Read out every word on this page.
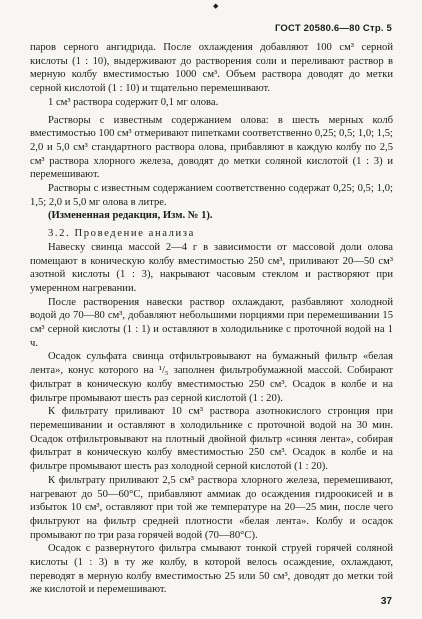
◆
ГОСТ 20580.6—80 Стр. 5

паров серного ангидрида. После охлаждения добавляют 100 см³ серной кислоты (1 : 10), выдерживают до растворения соли и переливают раствор в мерную колбу вместимостью 1000 см³. Объем раствора доводят до метки серной кислотой (1 : 10) и тщательно перемешивают.

1 см³ раствора содержит 0,1 мг олова.

Растворы с известным содержанием олова: в шесть мерных колб вместимостью 100 см³ отмеривают пипетками соответственно 0,25; 0,5; 1,0; 1,5; 2,0 и 5,0 см³ стандартного раствора олова, прибавляют в каждую колбу по 2,5 см³ раствора хлорного железа, доводят до метки соляной кислотой (1 : 3) и перемешивают.

Растворы с известным содержанием соответственно содержат 0,25; 0,5; 1,0; 1,5; 2,0 и 5,0 мг олова в литре.

(Измененная редакция, Изм. № 1).

3.2. Проведение анализа

Навеску свинца массой 2—4 г в зависимости от массовой доли олова помещают в коническую колбу вместимостью 250 см³, приливают 20—50 см³ азотной кислоты (1 : 3), накрывают часовым стеклом и растворяют при умеренном нагревании.

После растворения навески раствор охлаждают, разбавляют холодной водой до 70—80 см³, добавляют небольшими порциями при перемешивании 15 см³ серной кислоты (1 : 1) и оставляют в холодильнике с проточной водой на 1 ч.

Осадок сульфата свинца отфильтровывают на бумажный фильтр «белая лента», конус которого на ¹/₅ заполнен фильтробумажной массой. Собирают фильтрат в коническую колбу вместимостью 250 см³. Осадок в колбе и на фильтре промывают шесть раз серной кислотой (1 : 20).

К фильтрату приливают 10 см³ раствора азотнокислого стронция при перемешивании и оставляют в холодильнике с проточной водой на 30 мин. Осадок отфильтровывают на плотный двойной фильтр «синяя лента», собирая фильтрат в коническую колбу вместимостью 250 см³. Осадок в колбе и на фильтре промывают шесть раз холодной серной кислотой (1 : 20).

К фильтрату приливают 2,5 см³ раствора хлорного железа, перемешивают, нагревают до 50—60°С, прибавляют аммиак до осаждения гидроокисей и в избыток 10 см³, оставляют при той же температуре на 20—25 мин, после чего фильтруют на фильтр средней плотности «белая лента». Колбу и осадок промывают по три раза горячей водой (70—80°С).

Осадок с развернутого фильтра смывают тонкой струей горячей соляной кислоты (1 : 3) в ту же колбу, в которой велось осаждение, охлаждают, переводят в мерную колбу вместимостью 25 или 50 см³, доводят до метки той же кислотой и перемешивают.

37
